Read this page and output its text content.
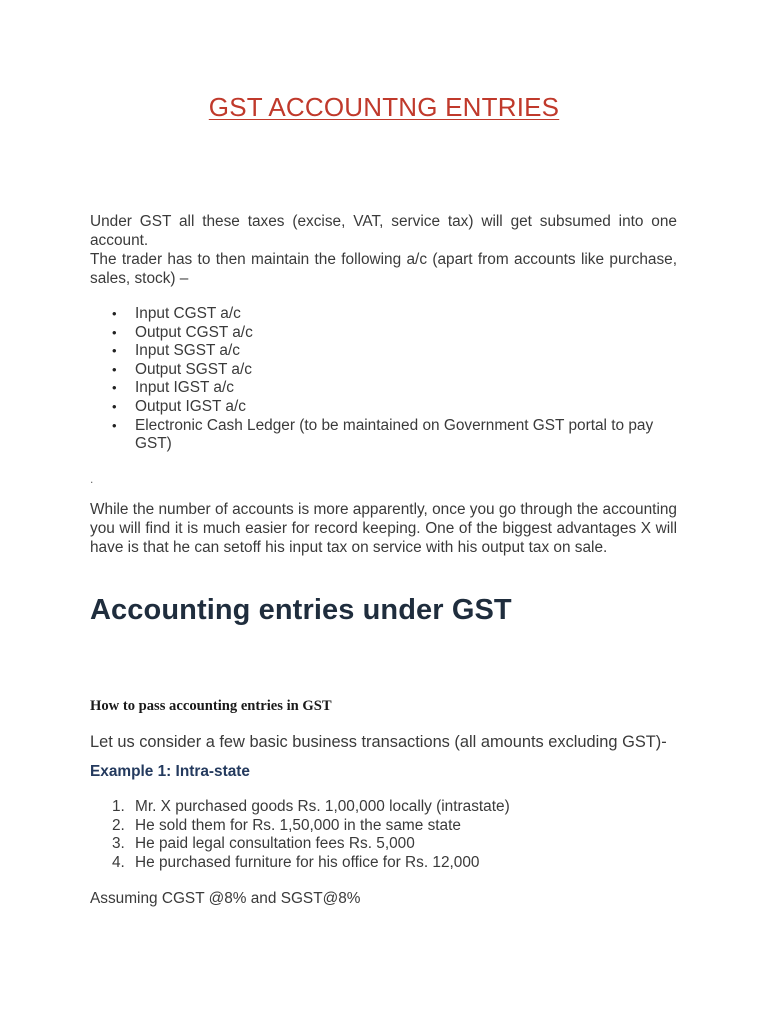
GST ACCOUNTNG ENTRIES

Under GST all these taxes (excise, VAT, service tax) will get subsumed into one account.

The trader has to then maintain the following a/c (apart from accounts like purchase, sales, stock) –

• Input CGST a/c
• Output CGST a/c
• Input SGST a/c
• Output SGST a/c
• Input IGST a/c
• Output IGST a/c
• Electronic Cash Ledger (to be maintained on Government GST portal to pay GST)
.

While the number of accounts is more apparently, once you go through the accounting you will find it is much easier for record keeping. One of the biggest advantages X will have is that he can setoff his input tax on service with his output tax on sale.

Accounting entries under GST
How to pass accounting entries in GST

Let us consider a few basic business transactions (all amounts excluding GST)-

Example 1: Intra-state
1. Mr. X purchased goods Rs. 1,00,000 locally (intrastate)
2. He sold them for Rs. 1,50,000 in the same state
3. He paid legal consultation fees Rs. 5,000
4. He purchased furniture for his office for Rs. 12,000

Assuming CGST @8% and SGST@8%
